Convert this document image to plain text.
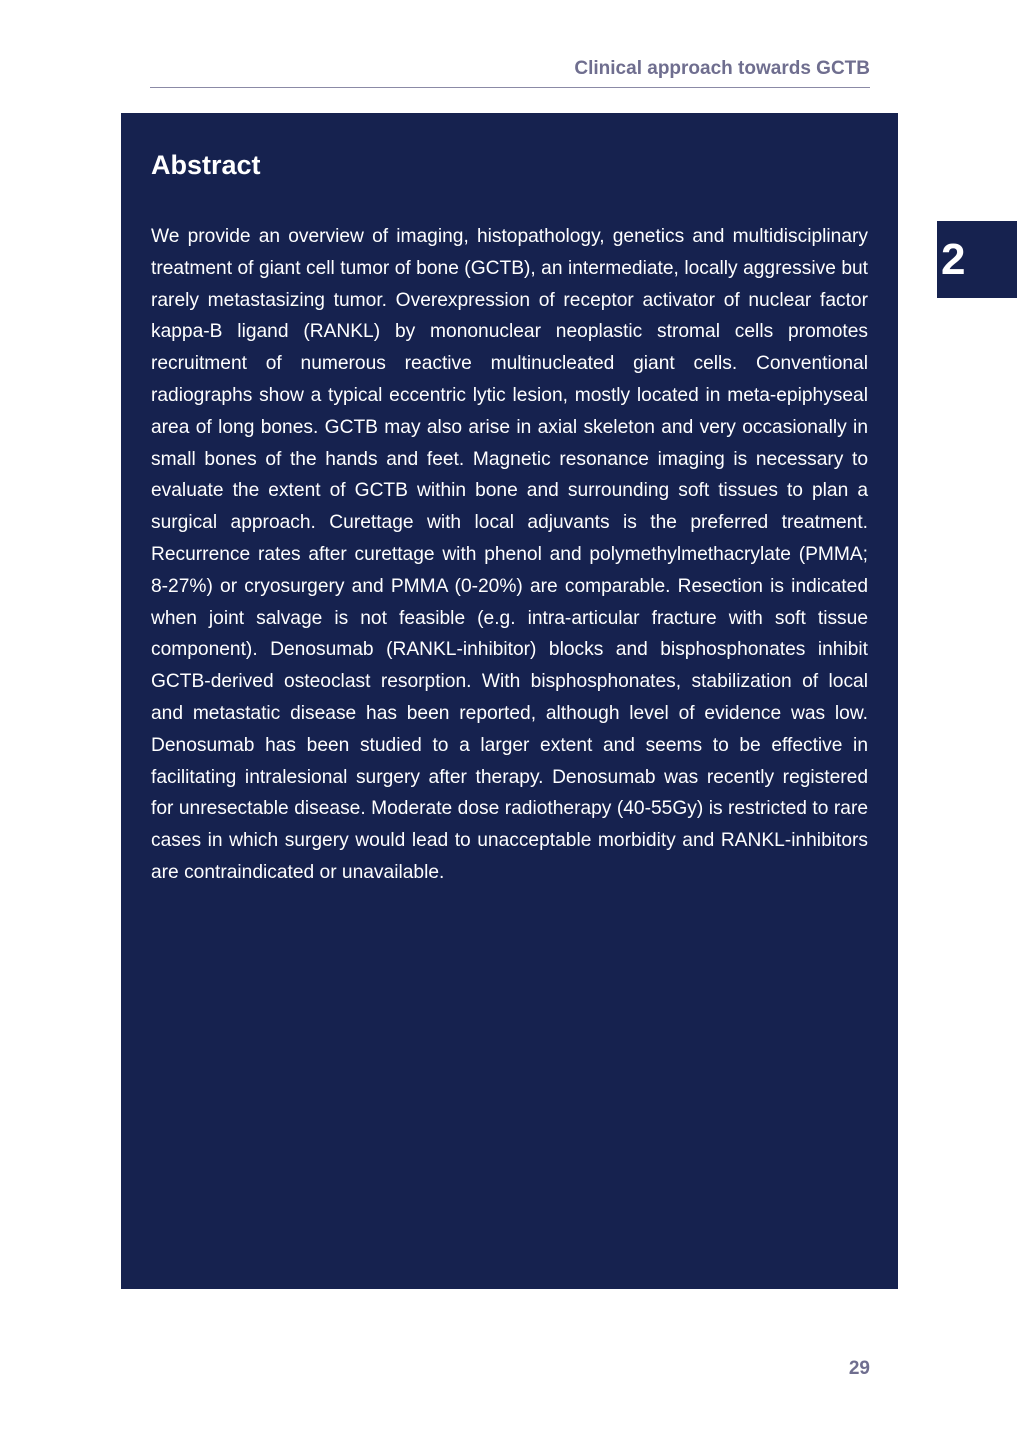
Clinical approach towards GCTB
2
Abstract

We provide an overview of imaging, histopathology, genetics and multidisciplinary treatment of giant cell tumor of bone (GCTB), an intermediate, locally aggressive but rarely metastasizing tumor. Overexpression of receptor activator of nuclear factor kappa-B ligand (RANKL) by mononuclear neoplastic stromal cells promotes recruitment of numerous reactive multinucleated giant cells. Conventional radiographs show a typical eccentric lytic lesion, mostly located in meta-epiphyseal area of long bones. GCTB may also arise in axial skeleton and very occasionally in small bones of the hands and feet. Magnetic resonance imaging is necessary to evaluate the extent of GCTB within bone and surrounding soft tissues to plan a surgical approach. Curettage with local adjuvants is the preferred treatment. Recurrence rates after curettage with phenol and polymethylmethacrylate (PMMA; 8-27%) or cryosurgery and PMMA (0-20%) are comparable. Resection is indicated when joint salvage is not feasible (e.g. intra-articular fracture with soft tissue component). Denosumab (RANKL-inhibitor) blocks and bisphosphonates inhibit GCTB-derived osteoclast resorption. With bisphosphonates, stabilization of local and metastatic disease has been reported, although level of evidence was low. Denosumab has been studied to a larger extent and seems to be effective in facilitating intralesional surgery after therapy. Denosumab was recently registered for unresectable disease. Moderate dose radiotherapy (40-55Gy) is restricted to rare cases in which surgery would lead to unacceptable morbidity and RANKL-inhibitors are contraindicated or unavailable.

29
